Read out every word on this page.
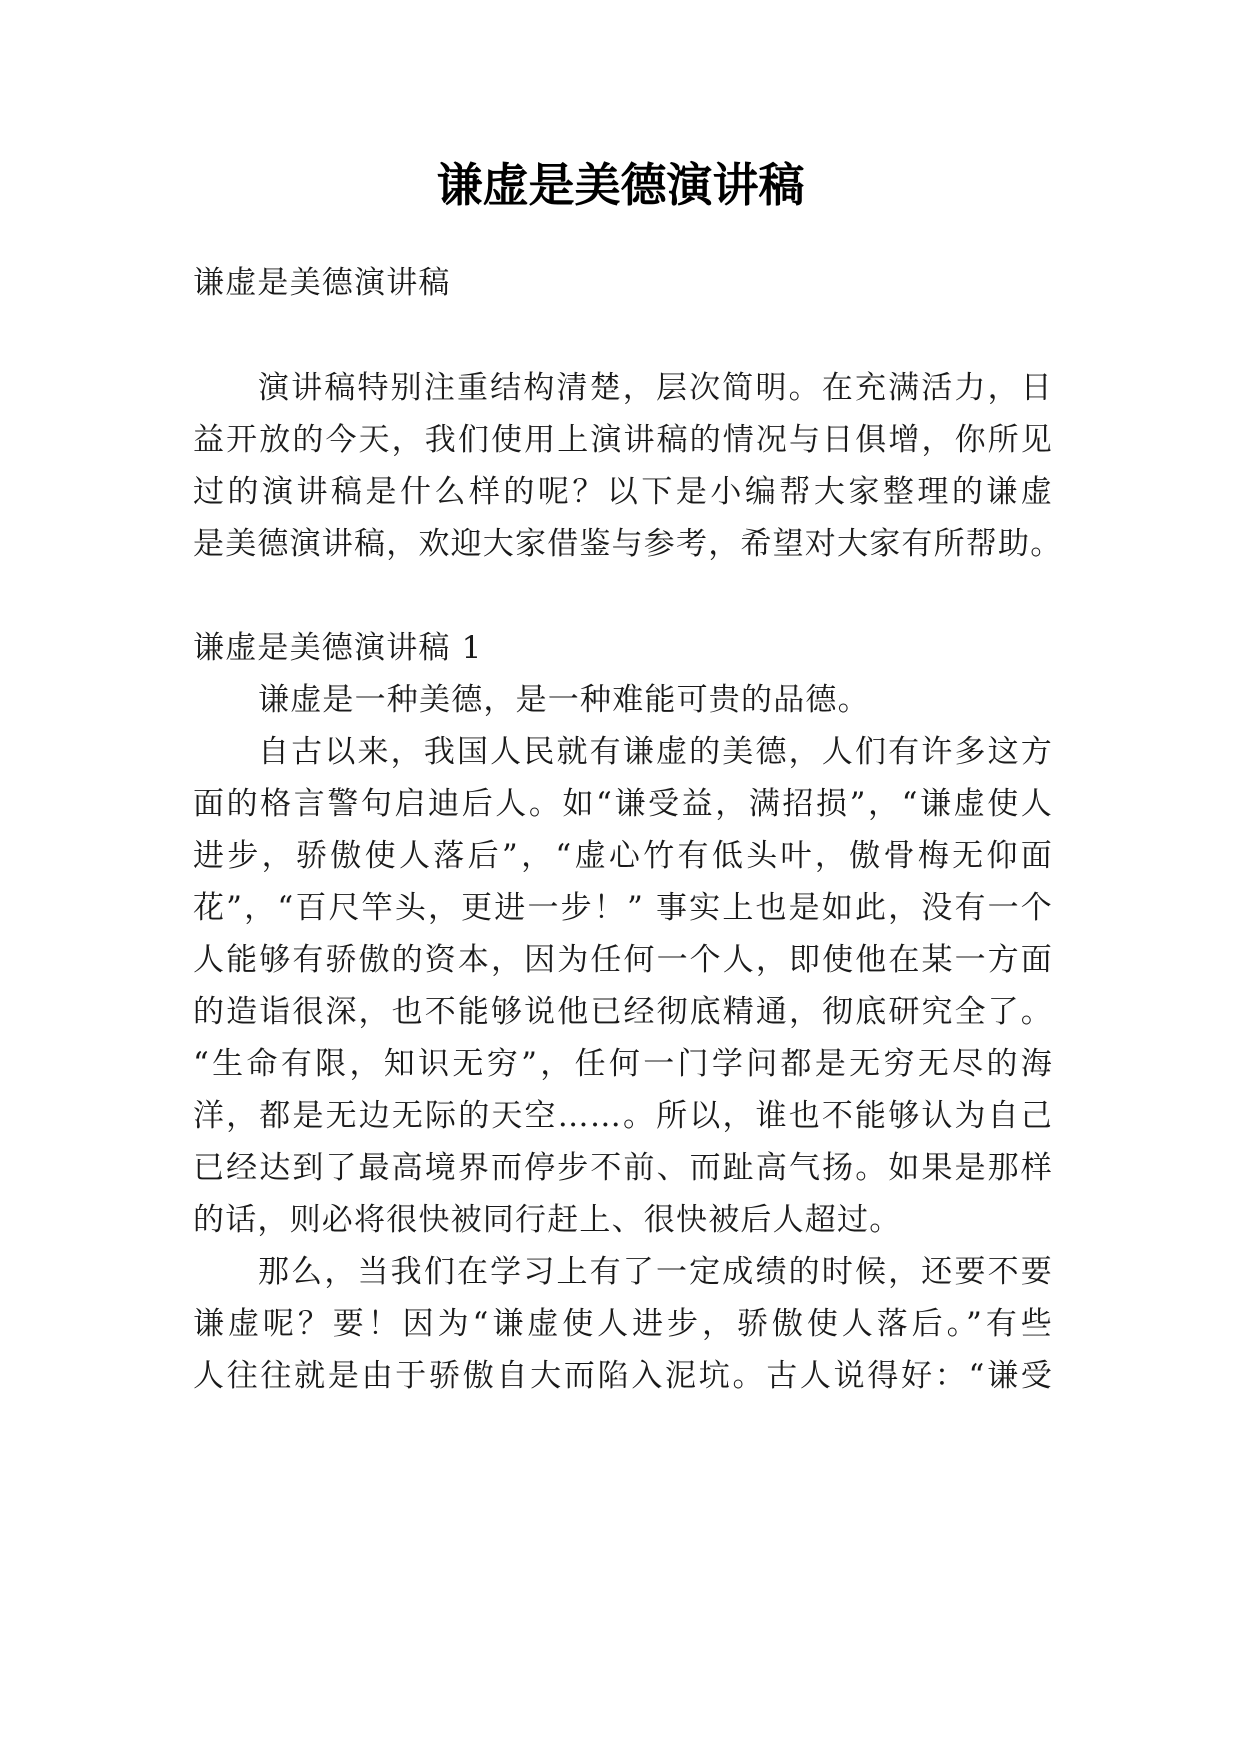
谦虚是美德演讲稿
谦虚是美德演讲稿
演讲稿特别注重结构清楚，层次简明。在充满活力，日
益开放的今天，我们使用上演讲稿的情况与日俱增，你所见
过的演讲稿是什么样的呢？以下是小编帮大家整理的谦虚
是美德演讲稿，欢迎大家借鉴与参考，希望对大家有所帮助。
谦虚是美德演讲稿 1
谦虚是一种美德，是一种难能可贵的品德。
自古以来，我国人民就有谦虚的美德，人们有许多这方
面的格言警句启迪后人。如“谦受益，满招损”，“谦虚使人
进步，骄傲使人落后”，“虚心竹有低头叶，傲骨梅无仰面
花”，“百尺竿头，更进一步！” 事实上也是如此，没有一个
人能够有骄傲的资本，因为任何一个人，即使他在某一方面
的造诣很深，也不能够说他已经彻底精通，彻底研究全了。
“生命有限，知识无穷”，任何一门学问都是无穷无尽的海
洋，都是无边无际的天空……。所以，谁也不能够认为自己
已经达到了最高境界而停步不前、而趾高气扬。如果是那样
的话，则必将很快被同行赶上、很快被后人超过。
那么，当我们在学习上有了一定成绩的时候，还要不要
谦虚呢？要！因为“谦虚使人进步，骄傲使人落后。”有些
人往往就是由于骄傲自大而陷入泥坑。古人说得好：“谦受
